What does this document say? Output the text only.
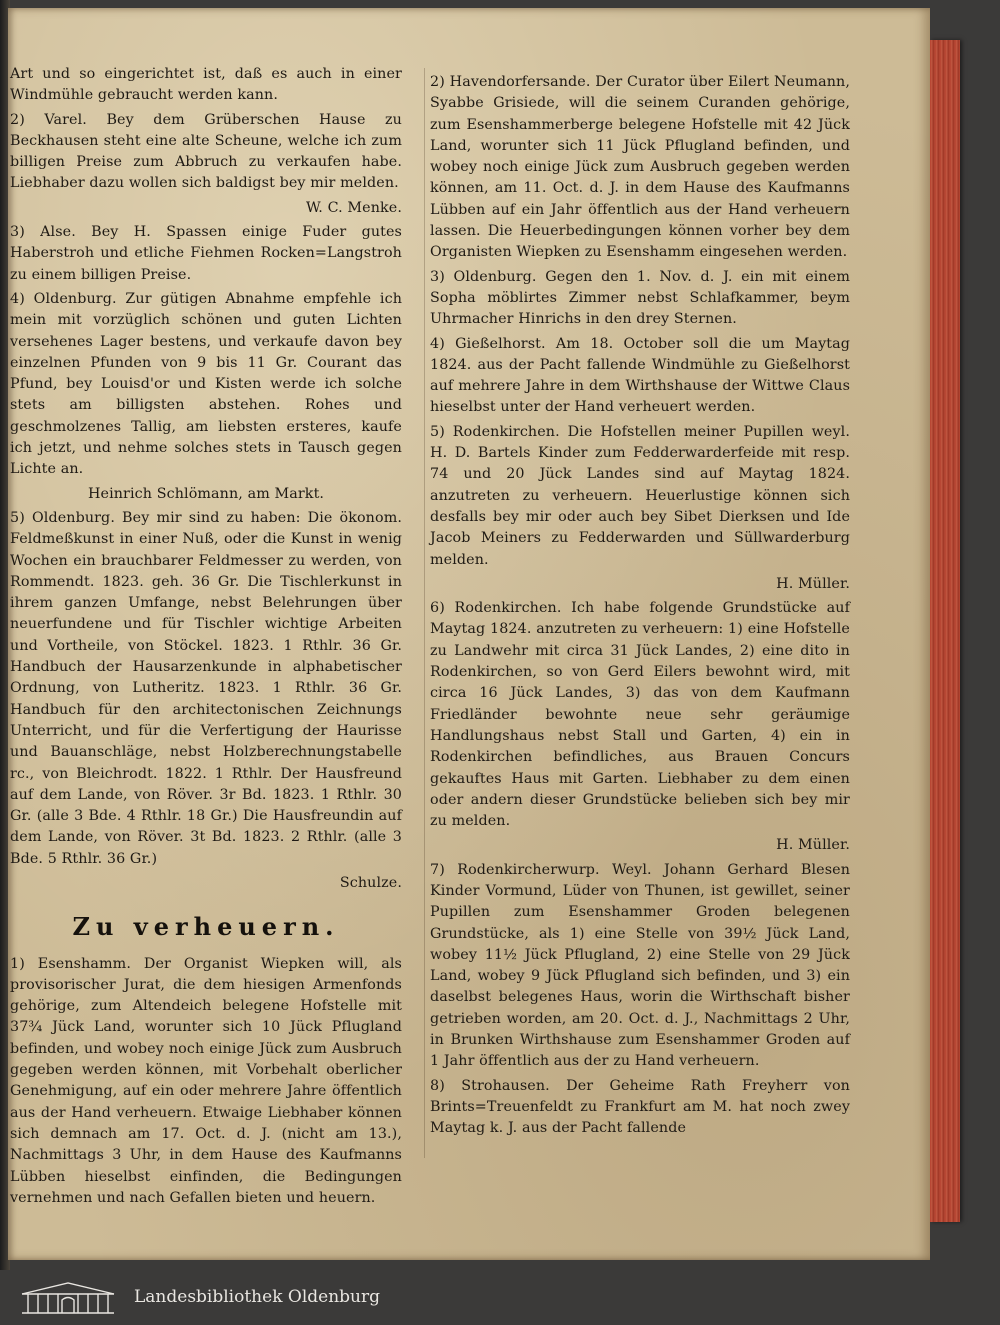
Art und so eingerichtet ist, daß es auch in einer Windmühle gebraucht werden kann.

2) Varel. Bey dem Grüberschen Hause zu Beckhausen steht eine alte Scheune, welche ich zum billigen Preise zum Abbruch zu verkaufen habe. Liebhaber dazu wollen sich baldigst bey mir melden.

W. C. Menke.

3) Alse. Bey H. Spassen einige Fuder gutes Haberstroh und etliche Fiehmen Rocken=Langstroh zu einem billigen Preise.

4) Oldenburg. Zur gütigen Abnahme empfehle ich mein mit vorzüglich schönen und guten Lichten versehenes Lager bestens, und verkaufe davon bey einzelnen Pfunden von 9 bis 11 Gr. Courant das Pfund, bey Louisd'or und Kisten werde ich solche stets am billigsten abstehen. Rohes und geschmolzenes Tallig, am liebsten ersteres, kaufe ich jetzt, und nehme solches stets in Tausch gegen Lichte an.

Heinrich Schlömann, am Markt.

5) Oldenburg. Bey mir sind zu haben: Die ökonom. Feldmeßkunst in einer Nuß, oder die Kunst in wenig Wochen ein brauchbarer Feldmesser zu werden, von Rommendt. 1823. geh. 36 Gr. Die Tischlerkunst in ihrem ganzen Umfange, nebst Belehrungen über neuerfundene und für Tischler wichtige Arbeiten und Vortheile, von Stöckel. 1823. 1 Rthlr. 36 Gr. Handbuch der Hausarzenkunde in alphabetischer Ordnung, von Lutheritz. 1823. 1 Rthlr. 36 Gr. Handbuch für den architectonischen Zeichnungs Unterricht, und für die Verfertigung der Haurisse und Bauanschläge, nebst Holzberechnungstabelle rc., von Bleichrodt. 1822. 1 Rthlr. Der Hausfreund auf dem Lande, von Röver. 3r Bd. 1823. 1 Rthlr. 30 Gr. (alle 3 Bde. 4 Rthlr. 18 Gr.) Die Hausfreundin auf dem Lande, von Röver. 3t Bd. 1823. 2 Rthlr. (alle 3 Bde. 5 Rthlr. 36 Gr.)

Schulze.

Zu verheuern.

1) Esenshamm. Der Organist Wiepken will, als provisorischer Jurat, die dem hiesigen Armenfonds gehörige, zum Altendeich belegene Hofstelle mit 37¾ Jück Land, worunter sich 10 Jück Pflugland befinden, und wobey noch einige Jück zum Ausbruch gegeben werden können, mit Vorbehalt oberlicher Genehmigung, auf ein oder mehrere Jahre öffentlich aus der Hand verheuern. Etwaige Liebhaber können sich demnach am 17. Oct. d. J. (nicht am 13.), Nachmittags 3 Uhr, in dem Hause des Kaufmanns Lübben hieselbst einfinden, die Bedingungen vernehmen und nach Gefallen bieten und heuern.

2) Havendorfersande. Der Curator über Eilert Neumann, Syabbe Grisiede, will die seinem Curanden gehörige, zum Esenshammerberge belegene Hofstelle mit 42 Jück Land, worunter sich 11 Jück Pflugland befinden, und wobey noch einige Jück zum Ausbruch gegeben werden können, am 11. Oct. d. J. in dem Hause des Kaufmanns Lübben auf ein Jahr öffentlich aus der Hand verheuern lassen. Die Heuerbedingungen können vorher bey dem Organisten Wiepken zu Esenshamm eingesehen werden.

3) Oldenburg. Gegen den 1. Nov. d. J. ein mit einem Sopha möblirtes Zimmer nebst Schlafkammer, beym Uhrmacher Hinrichs in den drey Sternen.

4) Gießelhorst. Am 18. October soll die um Maytag 1824. aus der Pacht fallende Windmühle zu Gießelhorst auf mehrere Jahre in dem Wirthshause der Wittwe Claus hieselbst unter der Hand verheuert werden.

5) Rodenkirchen. Die Hofstellen meiner Pupillen weyl. H. D. Bartels Kinder zum Fedderwarderfeide mit resp. 74 und 20 Jück Landes sind auf Maytag 1824. anzutreten zu verheuern. Heuerlustige können sich desfalls bey mir oder auch bey Sibet Dierksen und Ide Jacob Meiners zu Fedderwarden und Süllwarderburg melden.

H. Müller.

6) Rodenkirchen. Ich habe folgende Grundstücke auf Maytag 1824. anzutreten zu verheuern: 1) eine Hofstelle zu Landwehr mit circa 31 Jück Landes, 2) eine dito in Rodenkirchen, so von Gerd Eilers bewohnt wird, mit circa 16 Jück Landes, 3) das von dem Kaufmann Friedländer bewohnte neue sehr geräumige Handlungshaus nebst Stall und Garten, 4) ein in Rodenkirchen befindliches, aus Brauen Concurs gekauftes Haus mit Garten. Liebhaber zu dem einen oder andern dieser Grundstücke belieben sich bey mir zu melden.

H. Müller.

7) Rodenkircherwurp. Weyl. Johann Gerhard Blesen Kinder Vormund, Lüder von Thunen, ist gewillet, seiner Pupillen zum Esenshammer Groden belegenen Grundstücke, als 1) eine Stelle von 39½ Jück Land, wobey 11½ Jück Pflugland, 2) eine Stelle von 29 Jück Land, wobey 9 Jück Pflugland sich befinden, und 3) ein daselbst belegenes Haus, worin die Wirthschaft bisher getrieben worden, am 20. Oct. d. J., Nachmittags 2 Uhr, in Brunken Wirthshause zum Esenshammer Groden auf 1 Jahr öffentlich aus der zu Hand verheuern.

8) Strohausen. Der Geheime Rath Freyherr von Brints=Treuenfeldt zu Frankfurt am M. hat noch zwey Maytag k. J. aus der Pacht fallende

Landesbibliothek Oldenburg
